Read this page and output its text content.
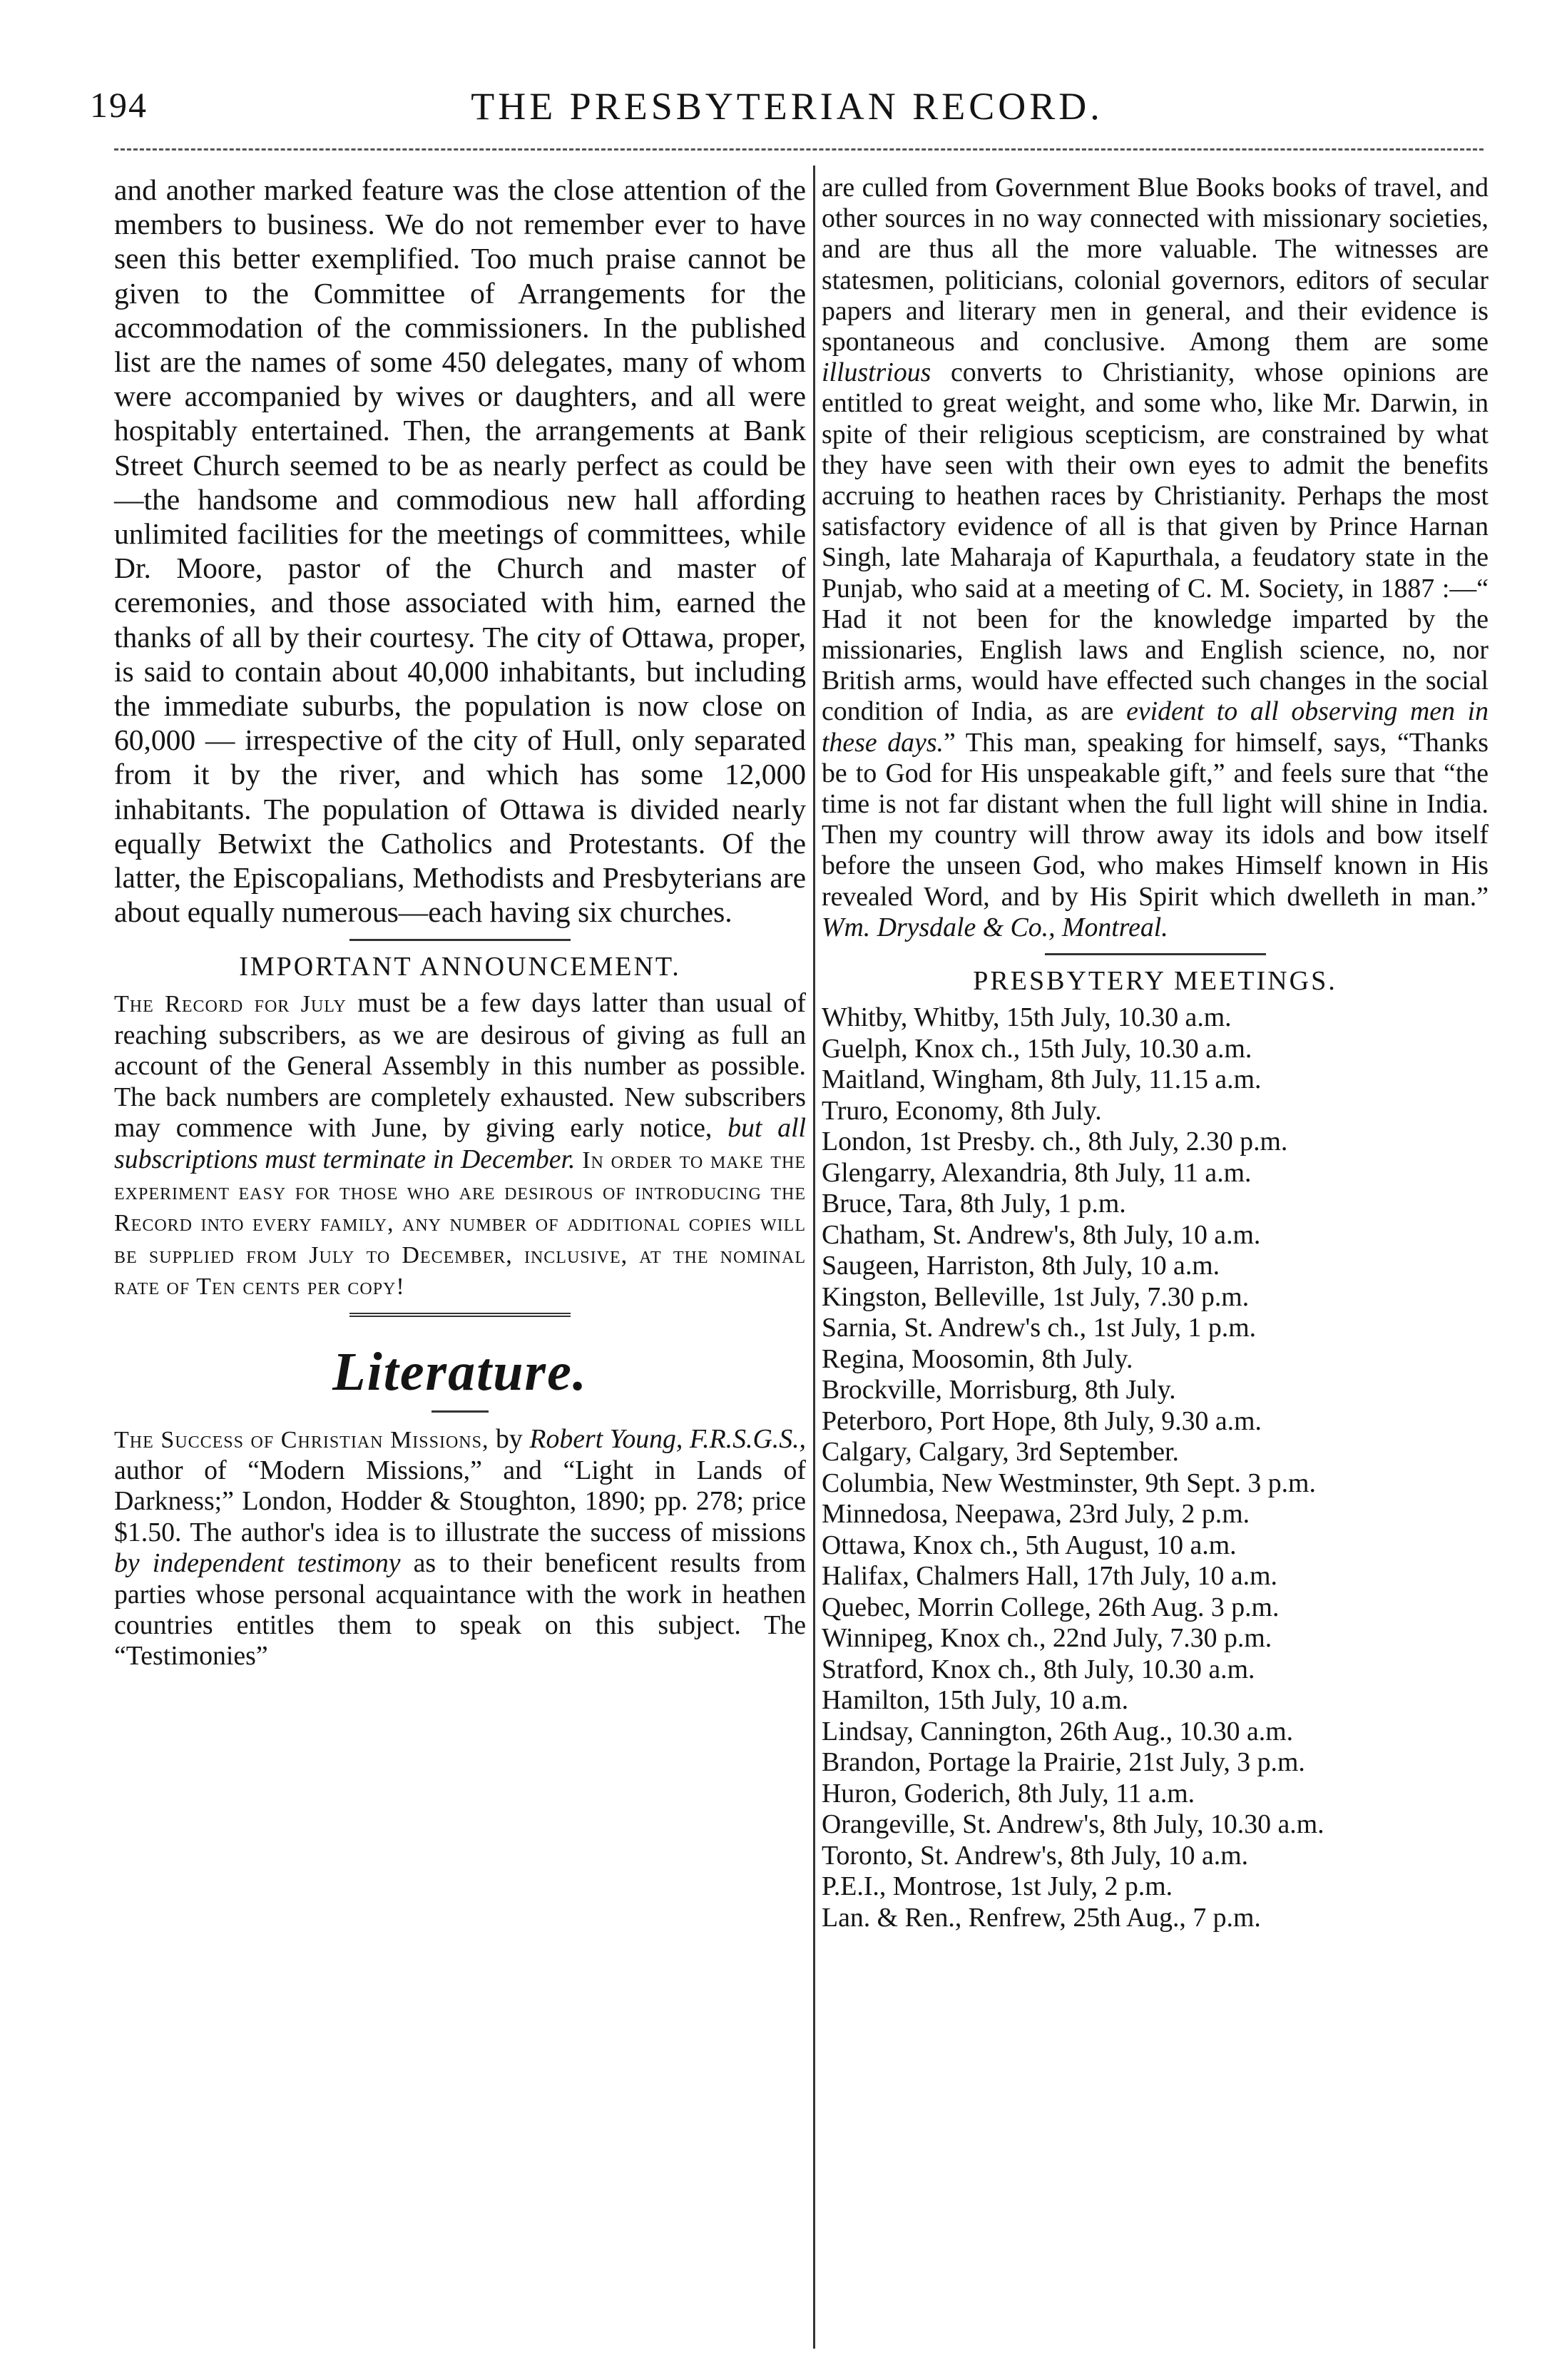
194	THE PRESBYTERIAN RECORD.

and another marked feature was the close attention of the members to business. We do not remember ever to have seen this better exemplified. Too much praise cannot be given to the Committee of Arrangements for the accommodation of the commissioners. In the published list are the names of some 450 delegates, many of whom were accompanied by wives or daughters, and all were hospitably entertained. Then, the arrangements at Bank Street Church seemed to be as nearly perfect as could be—the handsome and commodious new hall affording unlimited facilities for the meetings of committees, while Dr. Moore, pastor of the Church and master of ceremonies, and those associated with him, earned the thanks of all by their courtesy. The city of Ottawa, proper, is said to contain about 40,000 inhabitants, but including the immediate suburbs, the population is now close on 60,000 — irrespective of the city of Hull, only separated from it by the river, and which has some 12,000 inhabitants. The population of Ottawa is divided nearly equally Betwixt the Catholics and Protestants. Of the latter, the Episcopalians, Methodists and Presbyterians are about equally numerous—each having six churches.

IMPORTANT ANNOUNCEMENT.

The Record for July must be a few days latter than usual of reaching subscribers, as we are desirous of giving as full an account of the General Assembly in this number as possible. The back numbers are completely exhausted. New subscribers may commence with June, by giving early notice, but all subscriptions must terminate in December. In order to make the experiment easy for those who are desirous of introducing the Record into every family, any number of additional copies will be supplied from July to December, inclusive, at the nominal rate of Ten cents per copy!

Literature.

The Success of Christian Missions, by Robert Young, F.R.S.G.S., author of “Modern Missions,” and “Light in Lands of Darkness;” London, Hodder & Stoughton, 1890; pp. 278; price $1.50. The author's idea is to illustrate the success of missions by independent testimony as to their beneficent results from parties whose personal acquaintance with the work in heathen countries entitles them to speak on this subject. The “Testimonies”

are culled from Government Blue Books books of travel, and other sources in no way connected with missionary societies, and are thus all the more valuable. The witnesses are statesmen, politicians, colonial governors, editors of secular papers and literary men in general, and their evidence is spontaneous and conclusive. Among them are some illustrious converts to Christianity, whose opinions are entitled to great weight, and some who, like Mr. Darwin, in spite of their religious scepticism, are constrained by what they have seen with their own eyes to admit the benefits accruing to heathen races by Christianity. Perhaps the most satisfactory evidence of all is that given by Prince Harnan Singh, late Maharaja of Kapurthala, a feudatory state in the Punjab, who said at a meeting of C. M. Society, in 1887 :—“ Had it not been for the knowledge imparted by the missionaries, English laws and English science, no, nor British arms, would have effected such changes in the social condition of India, as are evident to all observing men in these days.” This man, speaking for himself, says, “Thanks be to God for His unspeakable gift,” and feels sure that “the time is not far distant when the full light will shine in India. Then my country will throw away its idols and bow itself before the unseen God, who makes Himself known in His revealed Word, and by His Spirit which dwelleth in man.” Wm. Drysdale & Co., Montreal.

PRESBYTERY MEETINGS.
Whitby, Whitby, 15th July, 10.30 a.m.
Guelph, Knox ch., 15th July, 10.30 a.m.
Maitland, Wingham, 8th July, 11.15 a.m.
Truro, Economy, 8th July.
London, 1st Presby. ch., 8th July, 2.30 p.m.
Glengarry, Alexandria, 8th July, 11 a.m.
Bruce, Tara, 8th July, 1 p.m.
Chatham, St. Andrew's, 8th July, 10 a.m.
Saugeen, Harriston, 8th July, 10 a.m.
Kingston, Belleville, 1st July, 7.30 p.m.
Sarnia, St. Andrew's ch., 1st July, 1 p.m.
Regina, Moosomin, 8th July.
Brockville, Morrisburg, 8th July.
Peterboro, Port Hope, 8th July, 9.30 a.m.
Calgary, Calgary, 3rd September.
Columbia, New Westminster, 9th Sept. 3 p.m.
Minnedosa, Neepawa, 23rd July, 2 p.m.
Ottawa, Knox ch., 5th August, 10 a.m.
Halifax, Chalmers Hall, 17th July, 10 a.m.
Quebec, Morrin College, 26th Aug. 3 p.m.
Winnipeg, Knox ch., 22nd July, 7.30 p.m.
Stratford, Knox ch., 8th July, 10.30 a.m.
Hamilton, 15th July, 10 a.m.
Lindsay, Cannington, 26th Aug., 10.30 a.m.
Brandon, Portage la Prairie, 21st July, 3 p.m.
Huron, Goderich, 8th July, 11 a.m.
Orangeville, St. Andrew's, 8th July, 10.30 a.m.
Toronto, St. Andrew's, 8th July, 10 a.m.
P.E.I., Montrose, 1st July, 2 p.m.
Lan. & Ren., Renfrew, 25th Aug., 7 p.m.
